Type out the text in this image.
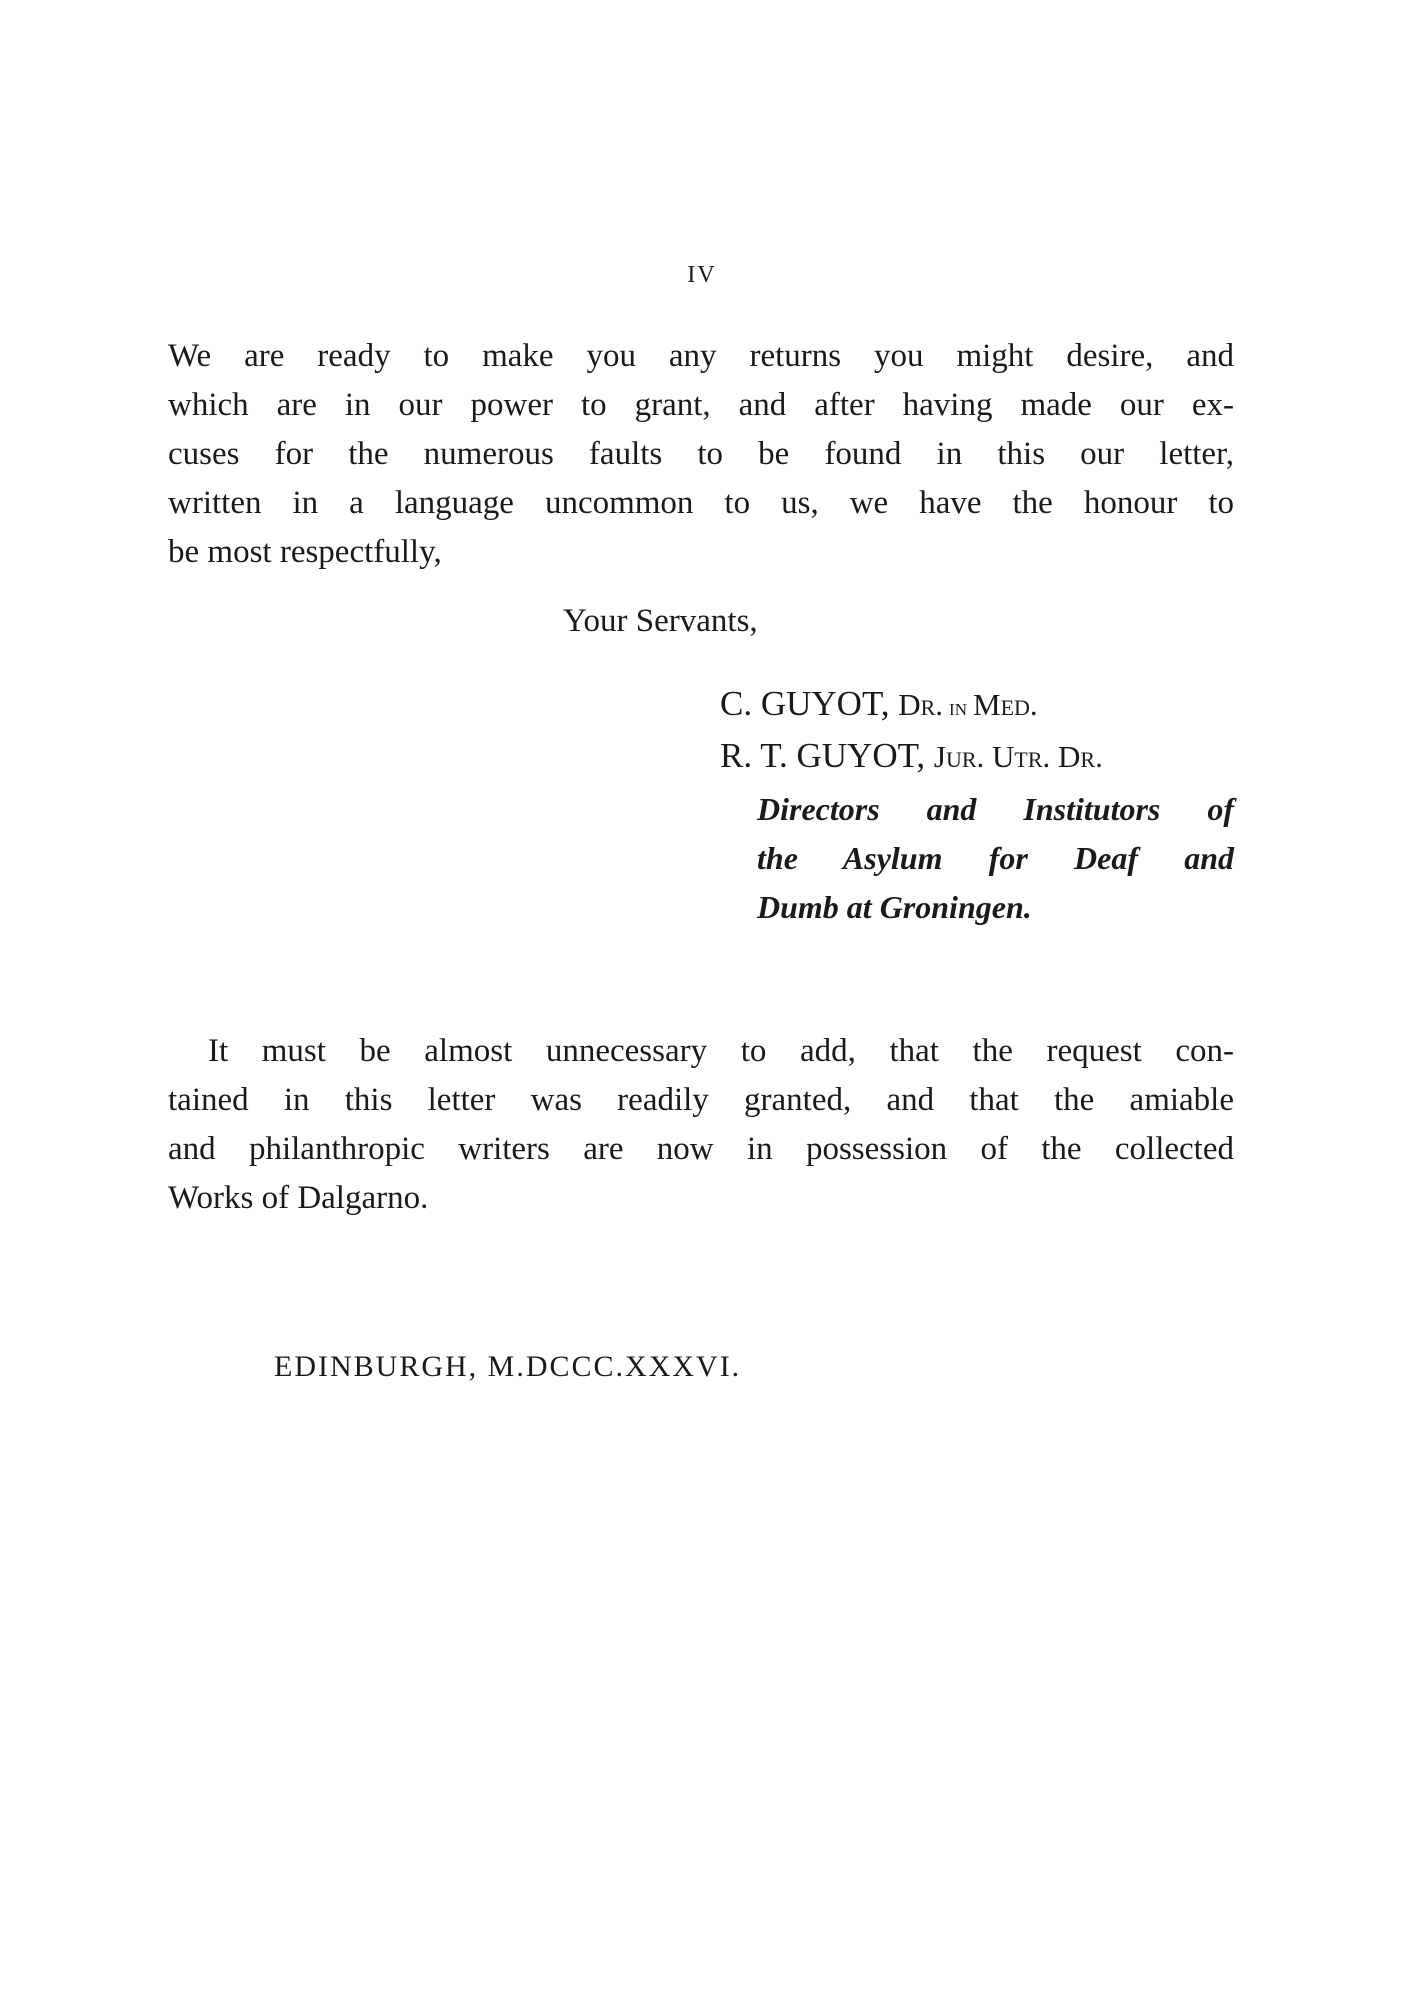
IV

We are ready to make you any returns you might desire, and
which are in our power to grant, and after having made our ex-
cuses for the numerous faults to be found in this our letter,
written in a language uncommon to us, we have the honour to
be most respectfully,

Your Servants,

C. GUYOT, Dr. in Med.
R. T. GUYOT, Jur. Utr. Dr.
Directors and Institutors of
the Asylum for Deaf and
Dumb at Groningen.
It must be almost unnecessary to add, that the request con-
tained in this letter was readily granted, and that the amiable
and philanthropic writers are now in possession of the collected
Works of Dalgarno.

EDINBURGH, M.DCCC.XXXVI.
